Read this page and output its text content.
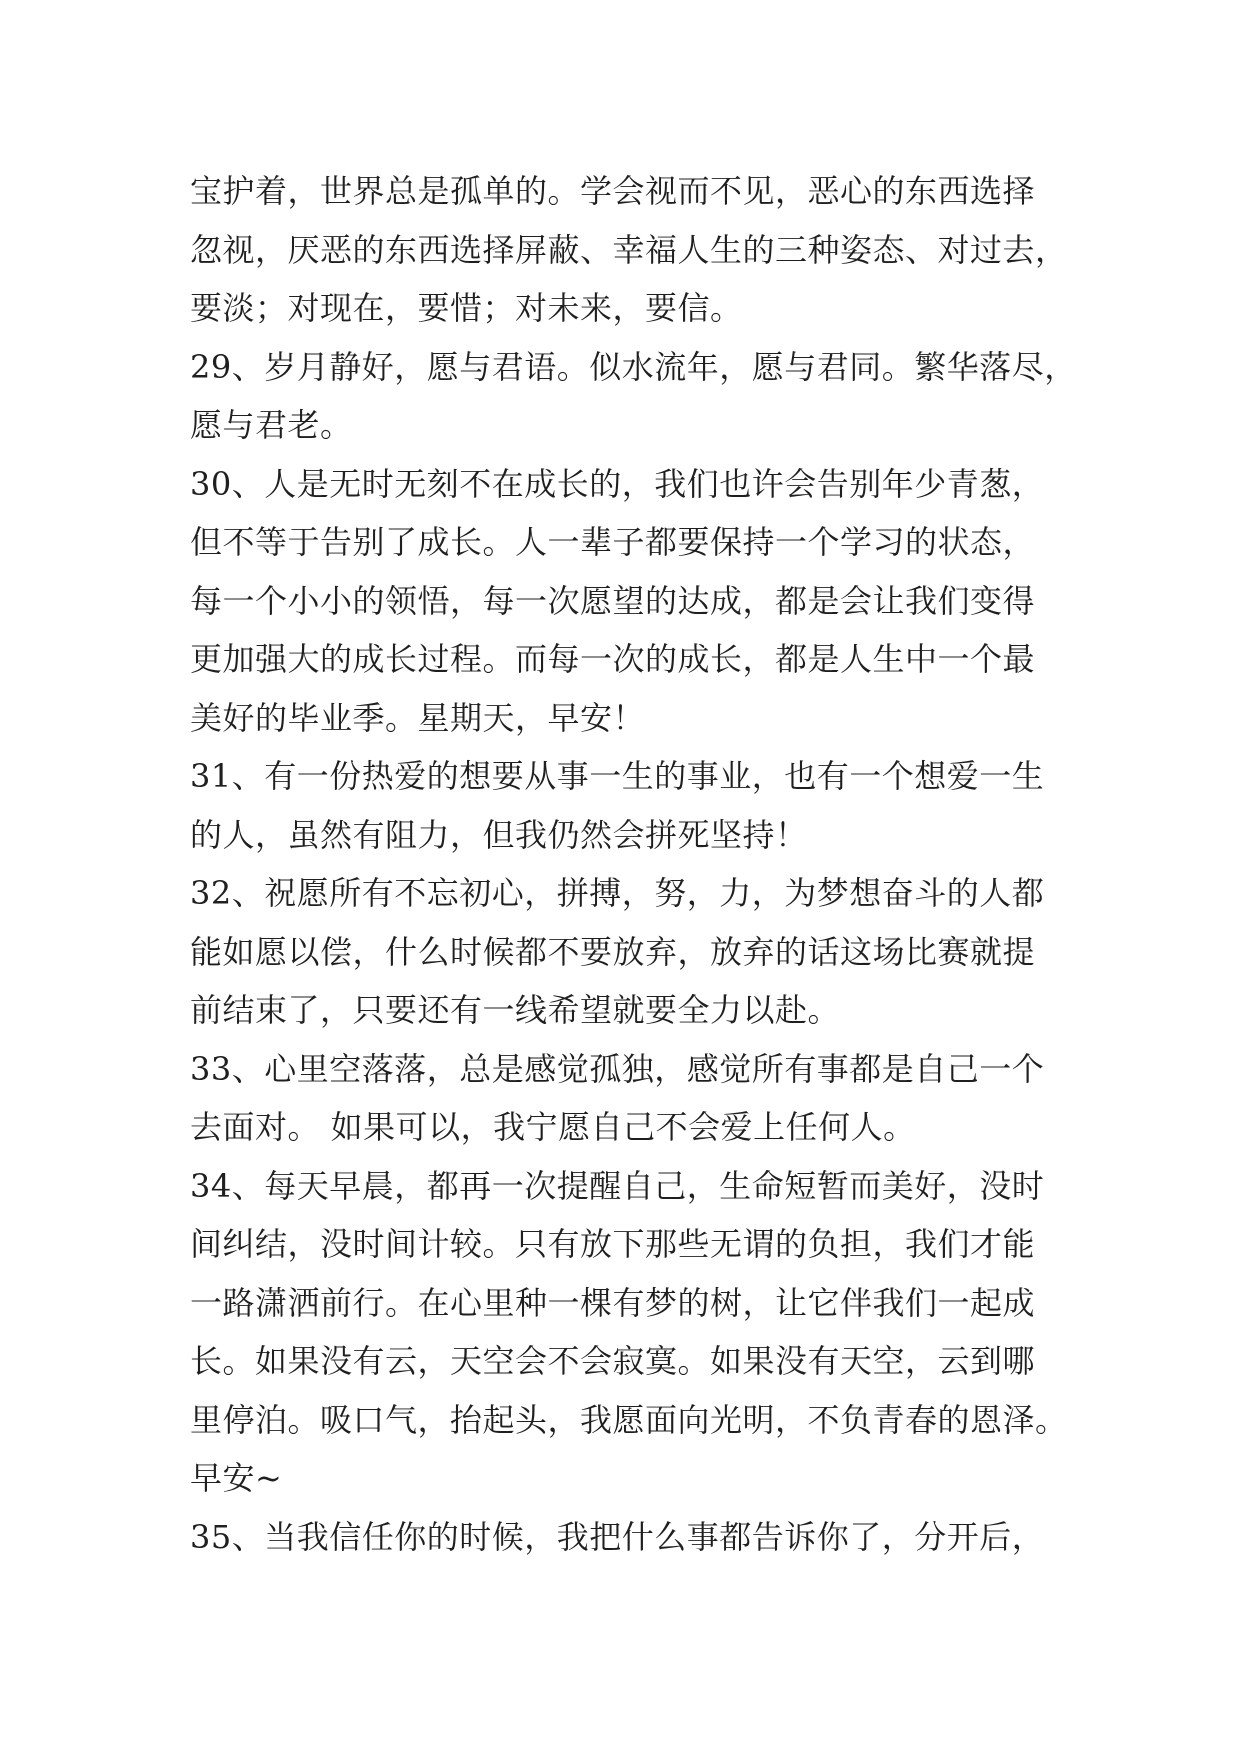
宝护着，世界总是孤单的。学会视而不见，恶心的东西选择
忽视，厌恶的东西选择屏蔽、幸福人生的三种姿态、对过去，
要淡；对现在，要惜；对未来，要信。
29、岁月静好，愿与君语。似水流年，愿与君同。繁华落尽，
愿与君老。
30、人是无时无刻不在成长的，我们也许会告别年少青葱，
但不等于告别了成长。人一辈子都要保持一个学习的状态，
每一个小小的领悟，每一次愿望的达成，都是会让我们变得
更加强大的成长过程。而每一次的成长，都是人生中一个最
美好的毕业季。星期天，早安！
31、有一份热爱的想要从事一生的事业，也有一个想爱一生
的人，虽然有阻力，但我仍然会拼死坚持！
32、祝愿所有不忘初心，拼搏，努，力，为梦想奋斗的人都
能如愿以偿，什么时候都不要放弃，放弃的话这场比赛就提
前结束了，只要还有一线希望就要全力以赴。
33、心里空落落，总是感觉孤独，感觉所有事都是自己一个
去面对。 如果可以，我宁愿自己不会爱上任何人。
34、每天早晨，都再一次提醒自己，生命短暂而美好，没时
间纠结，没时间计较。只有放下那些无谓的负担，我们才能
一路潇洒前行。在心里种一棵有梦的树，让它伴我们一起成
长。如果没有云，天空会不会寂寞。如果没有天空，云到哪
里停泊。吸口气，抬起头，我愿面向光明，不负青春的恩泽。
早安~
35、当我信任你的时候，我把什么事都告诉你了，分开后，
